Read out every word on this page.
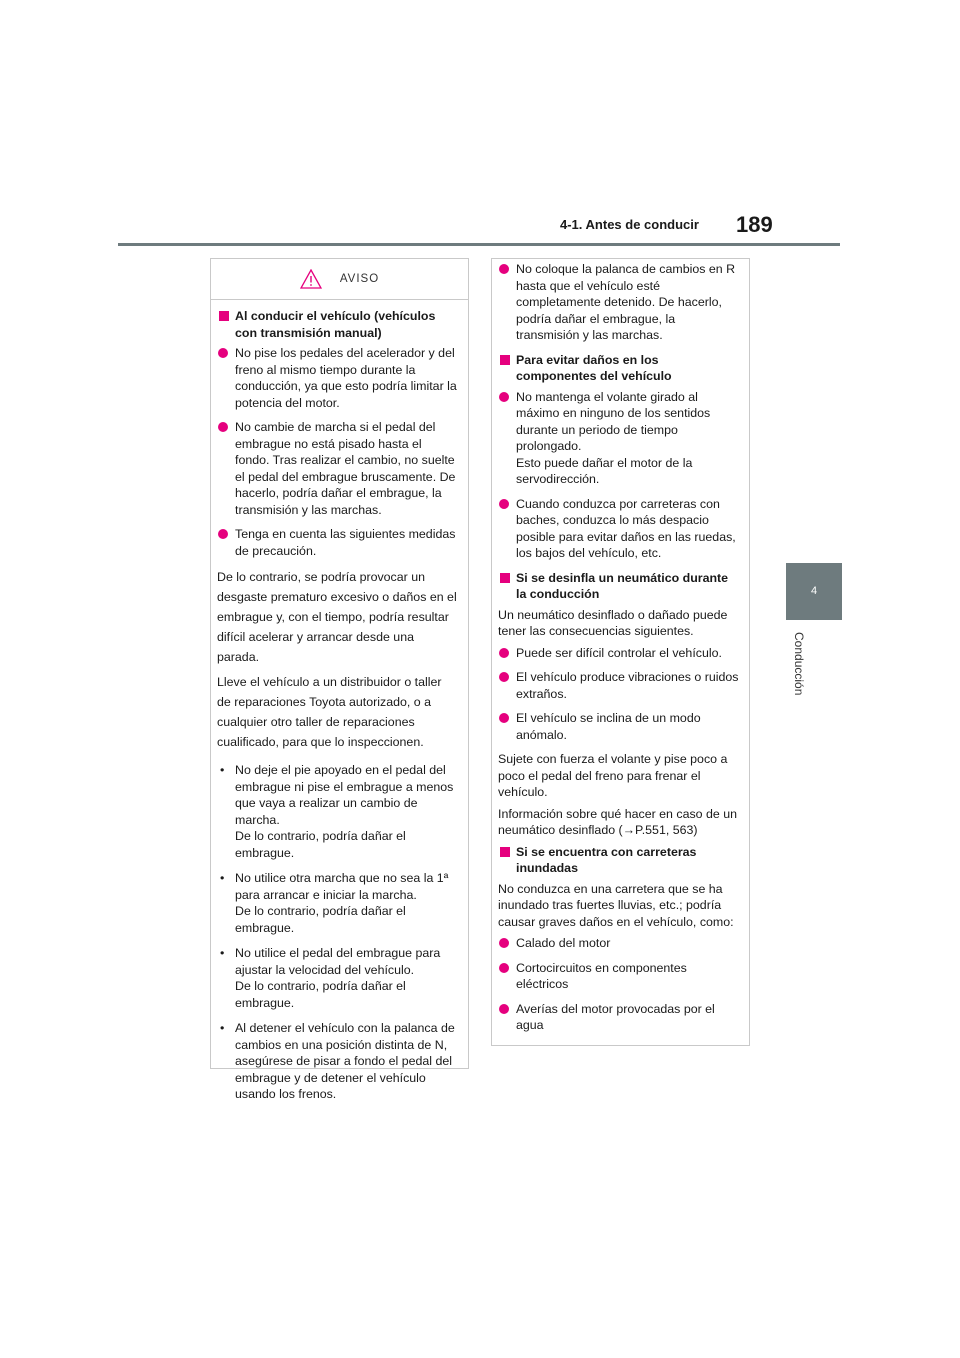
4-1. Antes de conducir 189
4
Conducción
AVISO
Al conducir el vehículo (vehículos con transmisión manual)
No pise los pedales del acelerador y del freno al mismo tiempo durante la conducción, ya que esto podría limitar la potencia del motor.
No cambie de marcha si el pedal del embrague no está pisado hasta el fondo. Tras realizar el cambio, no suelte el pedal del embrague bruscamente. De hacerlo, podría dañar el embrague, la transmisión y las marchas.
Tenga en cuenta las siguientes medidas de precaución.
De lo contrario, se podría provocar un desgaste prematuro excesivo o daños en el embrague y, con el tiempo, podría resultar difícil acelerar y arrancar desde una parada.
Lleve el vehículo a un distribuidor o taller de reparaciones Toyota autorizado, o a cualquier otro taller de reparaciones cualificado, para que lo inspeccionen.
• No deje el pie apoyado en el pedal del embrague ni pise el embrague a menos que vaya a realizar un cambio de marcha.
De lo contrario, podría dañar el embrague.
• No utilice otra marcha que no sea la 1ª para arrancar e iniciar la marcha.
De lo contrario, podría dañar el embrague.
• No utilice el pedal del embrague para ajustar la velocidad del vehículo.
De lo contrario, podría dañar el embrague.
• Al detener el vehículo con la palanca de cambios en una posición distinta de N, asegúrese de pisar a fondo el pedal del embrague y de detener el vehículo usando los frenos.
No coloque la palanca de cambios en R hasta que el vehículo esté completamente detenido. De hacerlo, podría dañar el embrague, la transmisión y las marchas.
Para evitar daños en los componentes del vehículo
No mantenga el volante girado al máximo en ninguno de los sentidos durante un periodo de tiempo prolongado.
Esto puede dañar el motor de la servodirección.
Cuando conduzca por carreteras con baches, conduzca lo más despacio posible para evitar daños en las ruedas, los bajos del vehículo, etc.
Si se desinfla un neumático durante la conducción
Un neumático desinflado o dañado puede tener las consecuencias siguientes.
Puede ser difícil controlar el vehículo.
El vehículo produce vibraciones o ruidos extraños.
El vehículo se inclina de un modo anómalo.
Sujete con fuerza el volante y pise poco a poco el pedal del freno para frenar el vehículo.
Información sobre qué hacer en caso de un neumático desinflado (→P.551, 563)
Si se encuentra con carreteras inundadas
No conduzca en una carretera que se ha inundado tras fuertes lluvias, etc.; podría causar graves daños en el vehículo, como:
Calado del motor
Cortocircuitos en componentes eléctricos
Averías del motor provocadas por el agua
